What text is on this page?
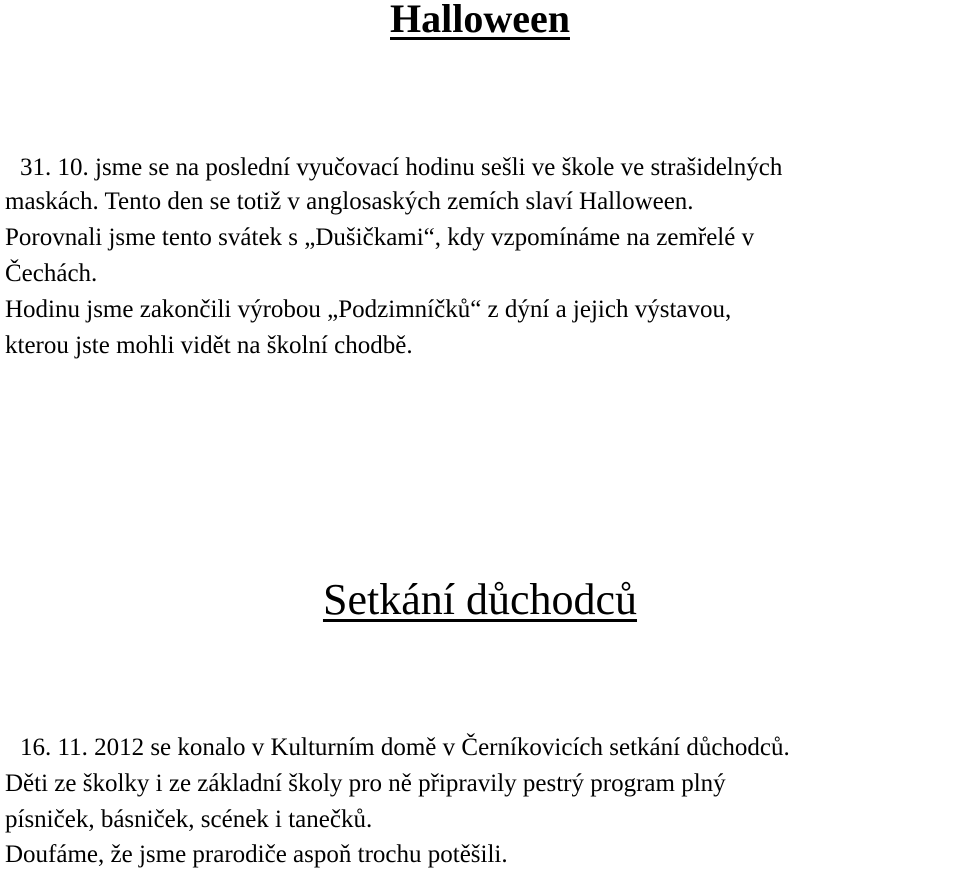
Halloween

31. 10. jsme se na poslední vyučovací hodinu sešli ve škole ve strašidelných

maskách. Tento den se totiž v anglosaských zemích slaví Halloween.

Porovnali jsme tento svátek s „Dušičkami“, kdy vzpomínáme na zemřelé v

Čechách.

Hodinu jsme zakončili výrobou „Podzimníčků“ z dýní a jejich výstavou,

kterou jste mohli vidět na školní chodbě.

Setkání důchodců

16. 11. 2012 se konalo v Kulturním domě v Černíkovicích setkání důchodců.

Děti ze školky i ze základní školy pro ně připravily pestrý program plný

písniček, básniček, scének i tanečků.

Doufáme, že jsme prarodiče aspoň trochu potěšili.
